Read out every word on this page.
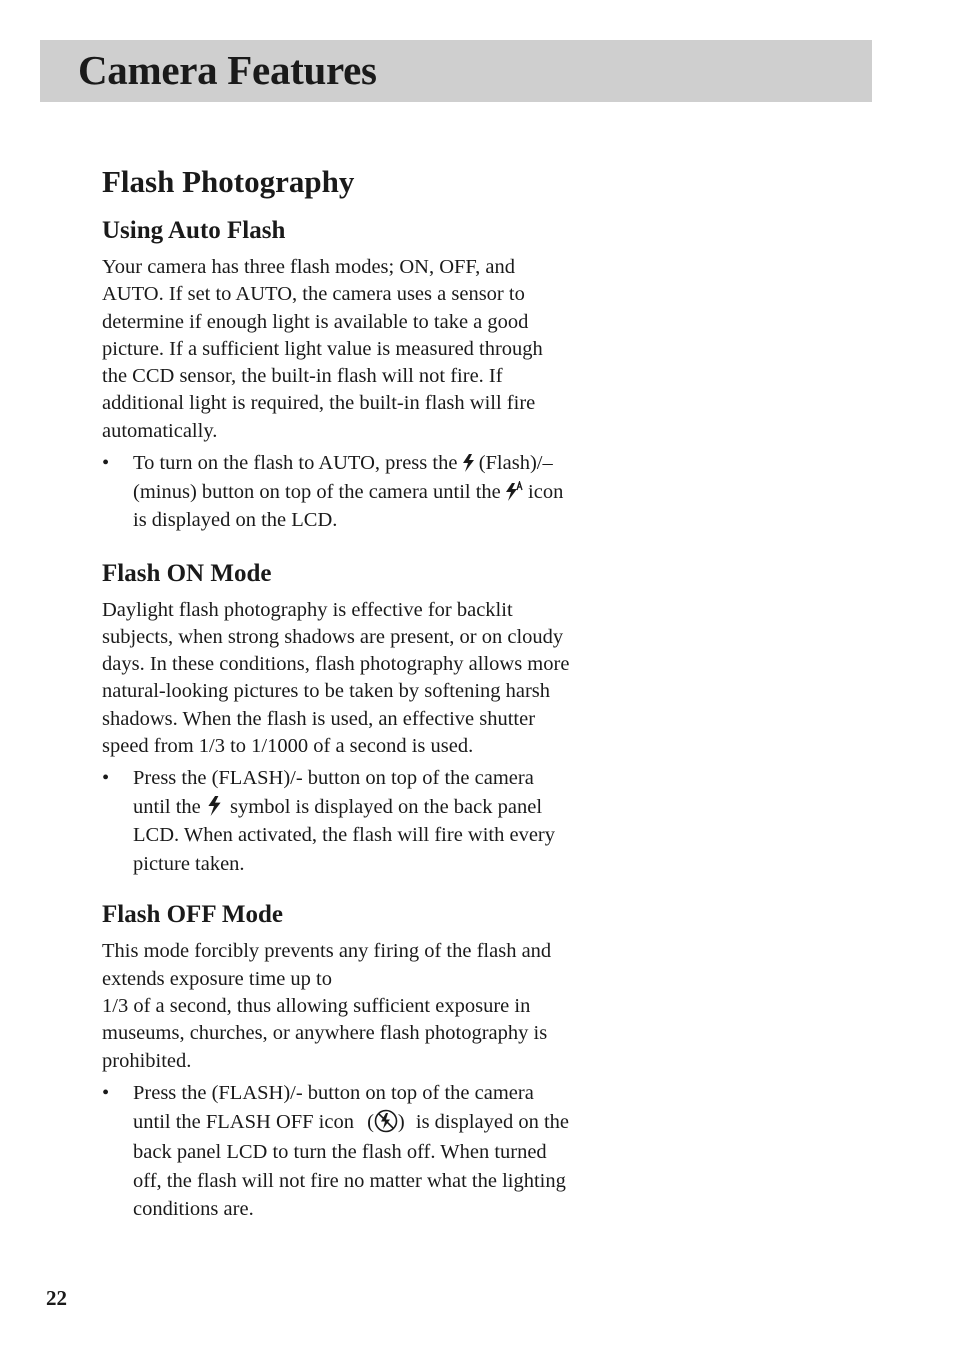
Camera Features
Flash Photography
Using Auto Flash
Your camera has three flash modes; ON, OFF, and
AUTO. If set to AUTO, the camera uses a sensor to
determine if enough light is available to take a good
picture. If a sufficient light value is measured through
the CCD sensor, the built-in flash will not fire. If
additional light is required, the built-in flash will fire
automatically.
• To turn on the flash to AUTO, press the (Flash)/–
(minus) button on top of the camera until the icon
is displayed on the LCD.
Flash ON Mode
Daylight flash photography is effective for backlit
subjects, when strong shadows are present, or on cloudy
days. In these conditions, flash photography allows more
natural-looking pictures to be taken by softening harsh
shadows. When the flash is used, an effective shutter
speed from 1/3 to 1/1000 of a second is used.
• Press the (FLASH)/- button on top of the camera
until the symbol is displayed on the back panel
LCD. When activated, the flash will fire with every
picture taken.
Flash OFF Mode
This mode forcibly prevents any firing of the flash and
extends exposure time up to
1/3 of a second, thus allowing sufficient exposure in
museums, churches, or anywhere flash photography is
prohibited.
• Press the (FLASH)/- button on top of the camera
until the FLASH OFF icon ( ) is displayed on the
back panel LCD to turn the flash off. When turned
off, the flash will not fire no matter what the lighting
conditions are.
22
